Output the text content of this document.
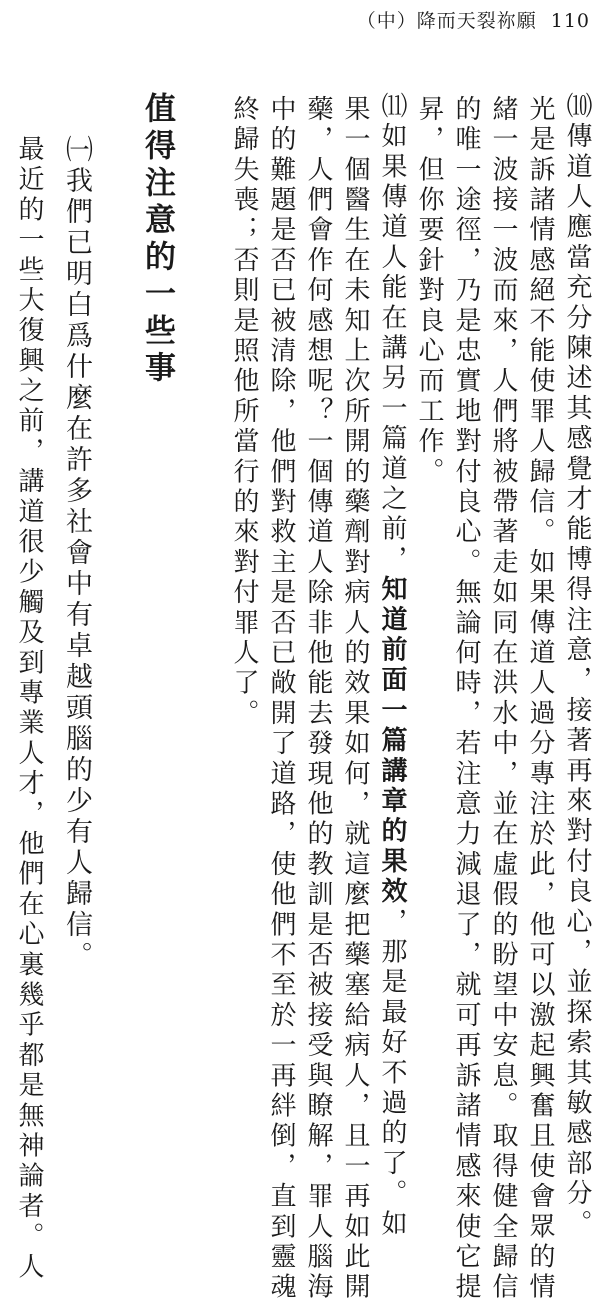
（中）降而天裂祢願 110
⑽傳道人應當充分陳述其感覺才能博得注意，接著再來對付良心，並探索其敏感部分。
光是訴諸情感絕不能使罪人歸信。如果傳道人過分專注於此，他可以激起興奮且使會眾的情
緒一波接一波而來，人們將被帶著走如同在洪水中，並在虛假的盼望中安息。取得健全歸信
的唯一途徑，乃是忠實地對付良心。無論何時，若注意力減退了，就可再訴諸情感來使它提
昇，但你要針對良心而工作。
⑾如果傳道人能在講另一篇道之前，知道前面一篇講章的果效，那是最好不過的了。如
果一個醫生在未知上次所開的藥劑對病人的效果如何，就這麼把藥塞給病人，且一再如此開
藥，人們會作何感想呢？一個傳道人除非他能去發現他的教訓是否被接受與瞭解，罪人腦海
中的難題是否已被清除，他們對救主是否已敞開了道路，使他們不至於一再絆倒，直到靈魂
終歸失喪；否則是照他所當行的來對付罪人了。
值得注意的一些事
㈠我們已明白爲什麼在許多社會中有卓越頭腦的少有人歸信。
最近的一些大復興之前，講道很少觸及到專業人才，他們在心裏幾乎都是無神論者。人
